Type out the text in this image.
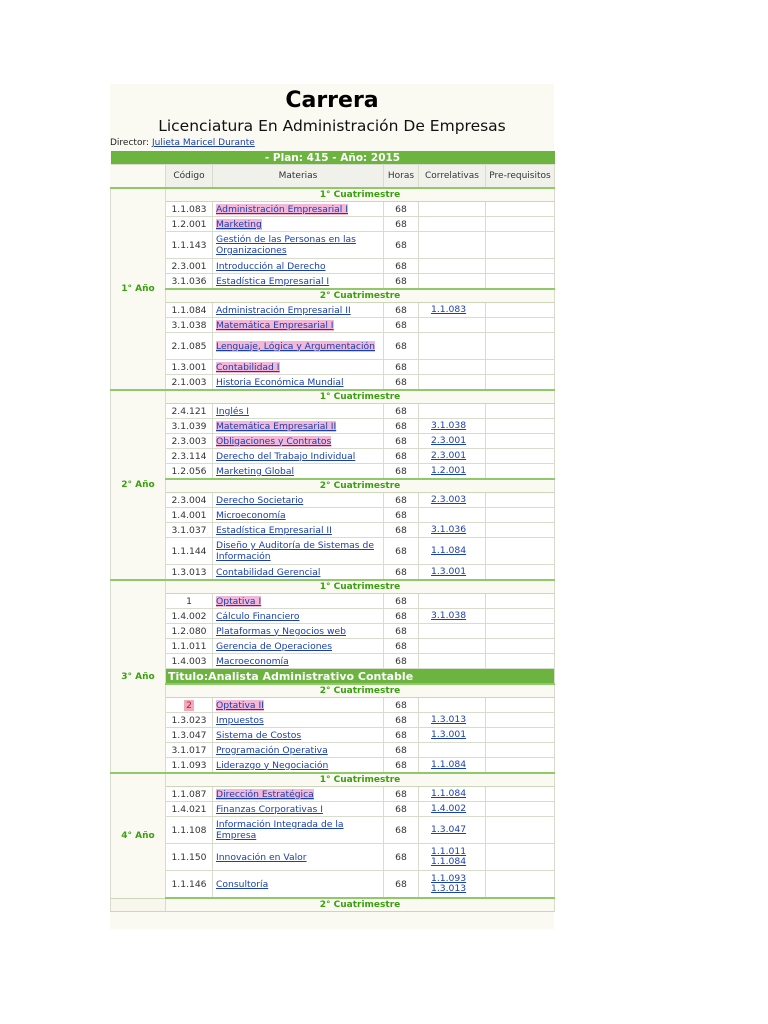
Carrera
Licenciatura En Administración De Empresas
Director: Julieta Maricel Durante
- Plan: 415 - Año: 2015					
	Código	Materias	Horas	Correlativas	Pre-requisitos
1° Año	1° Cuatrimestre				
	1.1.083	Administración Empresarial I	68		
	1.2.001	Marketing	68		
	1.1.143	Gestión de las Personas en las Organizaciones	68		
	2.3.001	Introducción al Derecho	68		
	3.1.036	Estadística Empresarial I	68		
	2° Cuatrimestre				
	1.1.084	Administración Empresarial II	68	1.1.083	

	3.1.038	Matemática Empresarial I	68		
	2.1.085	Lenguaje, Lógica y Argumentación	68		
	1.3.001	Contabilidad I	68		
	2.1.003	Historia Económica Mundial	68		
2° Año	1° Cuatrimestre				
	2.4.121	Inglés I	68		
	3.1.039	Matemática Empresarial II	68	3.1.038	

	2.3.003	Obligaciones y Contratos	68	2.3.001	

	2.3.114	Derecho del Trabajo Individual	68	2.3.001	

	1.2.056	Marketing Global	68	1.2.001	

	2° Cuatrimestre				
	2.3.004	Derecho Societario	68	2.3.003	

	1.4.001	Microeconomía	68		
	3.1.037	Estadística Empresarial II	68	3.1.036	

	1.1.144	Diseño y Auditoría de Sistemas de Información	68	1.1.084	

	1.3.013	Contabilidad Gerencial	68	1.3.001	

3° Año	1° Cuatrimestre				
	1	Optativa I	68		
	1.4.002	Cálculo Financiero	68	3.1.038	

	1.2.080	Plataformas y Negocios web	68		
	1.1.011	Gerencia de Operaciones	68		
	1.4.003	Macroeconomía	68		
	Titulo:Analista Administrativo Contable				
	2° Cuatrimestre				
	2	Optativa II	68		
	1.3.023	Impuestos	68	1.3.013	

	1.3.047	Sistema de Costos	68	1.3.001	

	3.1.017	Programación Operativa	68		
	1.1.093	Liderazgo y Negociación	68	1.1.084	

4° Año	1° Cuatrimestre				
	1.1.087	Dirección Estratégica	68	1.1.084	

	1.4.021	Finanzas Corporativas I	68	1.4.002	

	1.1.108	Información Integrada de la Empresa	68	1.3.047	

	1.1.150	Innovación en Valor	68	1.1.011
1.1.084	

	1.1.146	Consultoría	68	1.1.093
1.3.013	

	2° Cuatrimestre				
